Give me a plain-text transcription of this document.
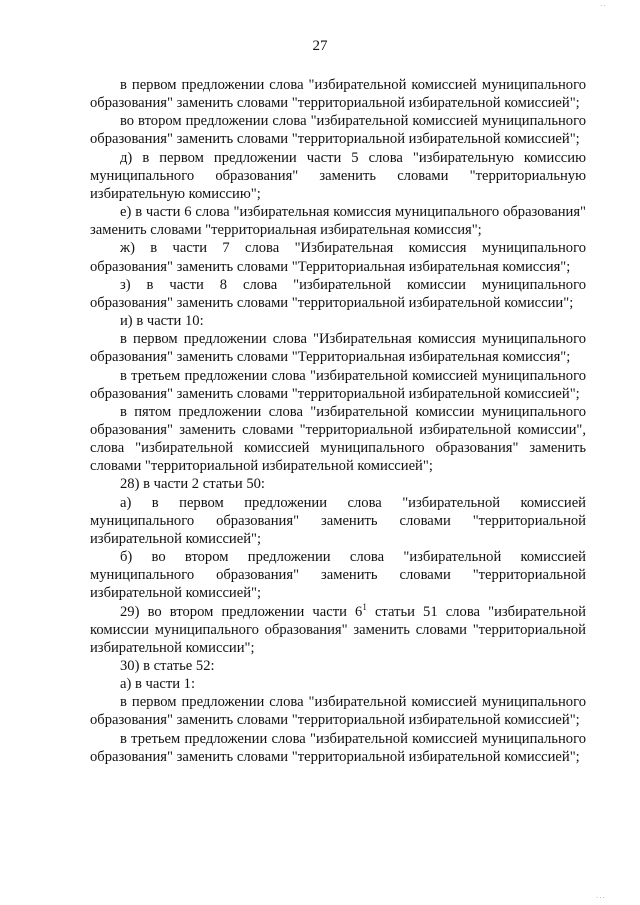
27

в первом предложении слова "избирательной комиссией муниципального образования" заменить словами "территориальной избирательной комиссией";

во втором предложении слова "избирательной комиссией муниципального образования" заменить словами "территориальной избирательной комиссией";

д) в первом предложении части 5 слова "избирательную комиссию муниципального образования" заменить словами "территориальную избирательную комиссию";

е) в части 6 слова "избирательная комиссия муниципального образования" заменить словами "территориальная избирательная комиссия";

ж) в части 7 слова "Избирательная комиссия муниципального образования" заменить словами "Территориальная избирательная комиссия";

з) в части 8 слова "избирательной комиссии муниципального образования" заменить словами "территориальной избирательной комиссии";

и) в части 10:

в первом предложении слова "Избирательная комиссия муниципального образования" заменить словами "Территориальная избирательная комиссия";

в третьем предложении слова "избирательной комиссией муниципального образования" заменить словами "территориальной избирательной комиссией";

в пятом предложении слова "избирательной комиссии муниципального образования" заменить словами "территориальной избирательной комиссии", слова "избирательной комиссией муниципального образования" заменить словами "территориальной избирательной комиссией";

28) в части 2 статьи 50:

а) в первом предложении слова "избирательной комиссией муниципального образования" заменить словами "территориальной избирательной комиссией";

б) во втором предложении слова "избирательной комиссией муниципального образования" заменить словами "территориальной избирательной комиссией";

29) во втором предложении части $6^1$ статьи 51 слова "избирательной комиссии муниципального образования" заменить словами "территориальной избирательной комиссии";

30) в статье 52:

а) в части 1:

в первом предложении слова "избирательной комиссией муниципального образования" заменить словами "территориальной избирательной комиссией";

в третьем предложении слова "избирательной комиссией муниципального образования" заменить словами "территориальной избирательной комиссией";

..
...
